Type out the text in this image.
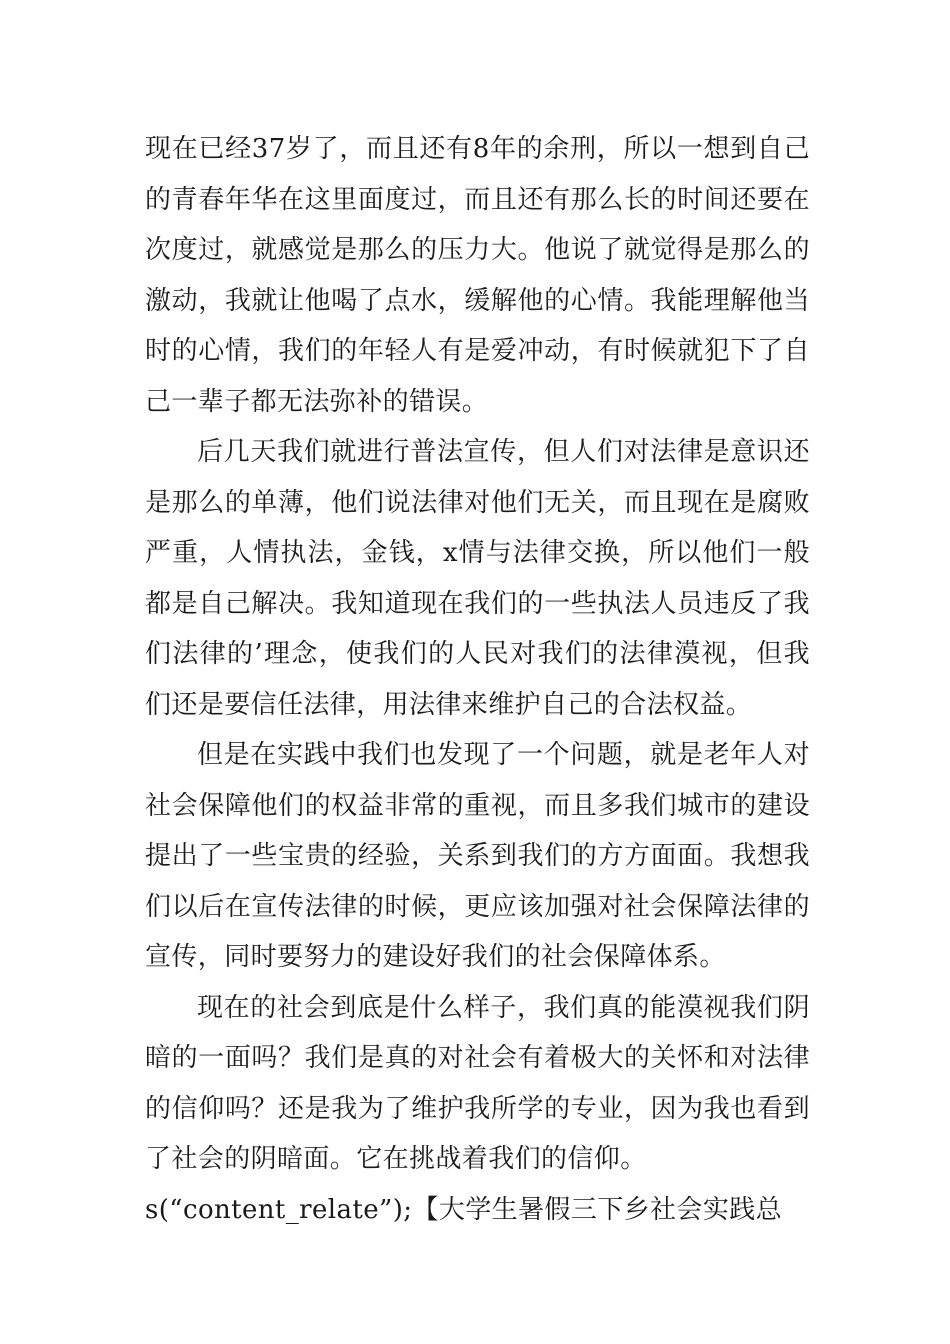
现在已经37岁了，而且还有8年的余刑，所以一想到自己的青春年华在这里面度过，而且还有那么长的时间还要在次度过，就感觉是那么的压力大。他说了就觉得是那么的激动，我就让他喝了点水，缓解他的心情。我能理解他当时的心情，我们的年轻人有是爱冲动，有时候就犯下了自己一辈子都无法弥补的错误。

后几天我们就进行普法宣传，但人们对法律是意识还是那么的单薄，他们说法律对他们无关，而且现在是腐败严重，人情执法，金钱，x情与法律交换，所以他们一般都是自己解决。我知道现在我们的一些执法人员违反了我们法律的’理念，使我们的人民对我们的法律漠视，但我们还是要信任法律，用法律来维护自己的合法权益。

但是在实践中我们也发现了一个问题，就是老年人对社会保障他们的权益非常的重视，而且多我们城市的建设提出了一些宝贵的经验，关系到我们的方方面面。我想我们以后在宣传法律的时候，更应该加强对社会保障法律的宣传，同时要努力的建设好我们的社会保障体系。

现在的社会到底是什么样子，我们真的能漠视我们阴暗的一面吗？我们是真的对社会有着极大的关怀和对法律的信仰吗？还是我为了维护我所学的专业，因为我也看到了社会的阴暗面。它在挑战着我们的信仰。

s(“content_relate”);【大学生暑假三下乡社会实践总
